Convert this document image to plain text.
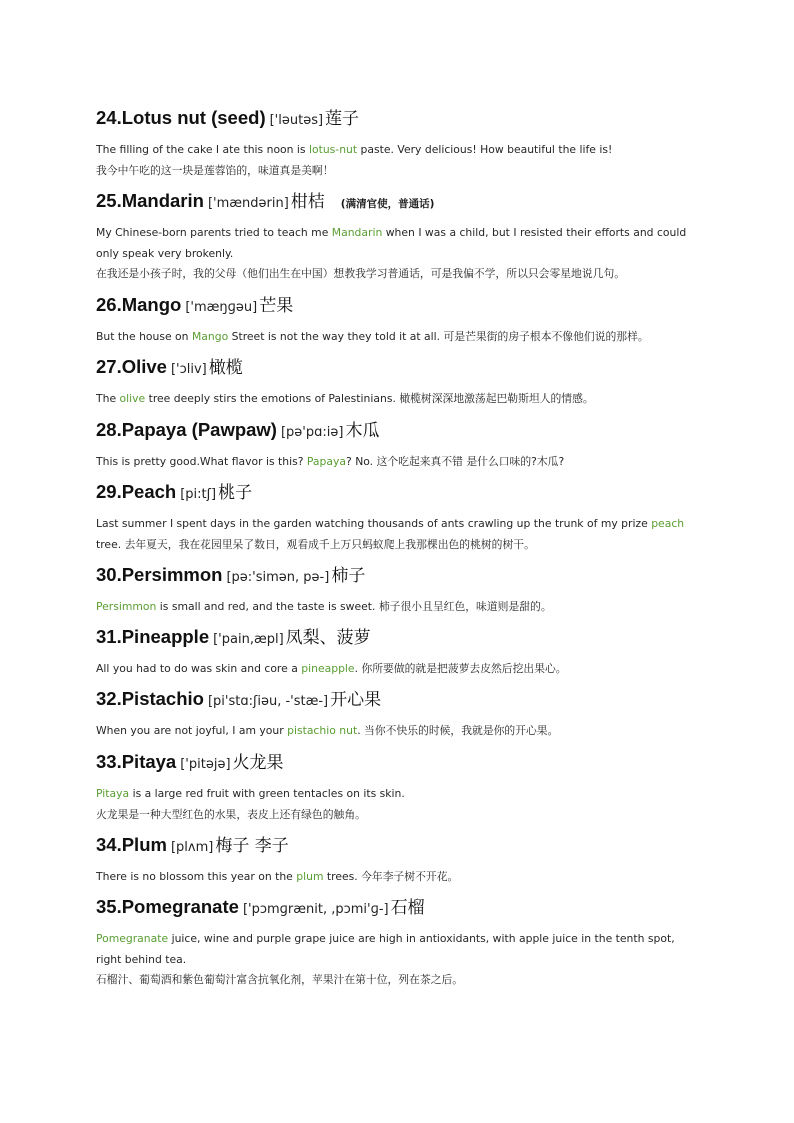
24.Lotus nut (seed) ['ləutəs] 莲子
The filling of the cake I ate this noon is lotus-nut paste. Very delicious! How beautiful the life is!
我今中午吃的这一块是莲蓉馅的，味道真是美啊！
25.Mandarin ['mændərin] 柑桔 (满清官使，普通话)
My Chinese-born parents tried to teach me Mandarin when I was a child, but I resisted their efforts and could
only speak very brokenly.
在我还是小孩子时，我的父母（他们出生在中国）想教我学习普通话，可是我偏不学，所以只会零星地说几句。
26.Mango ['mæŋɡəu] 芒果
But the house on Mango Street is not the way they told it at all. 可是芒果街的房子根本不像他们说的那样。
27.Olive ['ɔliv] 橄榄
The olive tree deeply stirs the emotions of Palestinians. 橄榄树深深地激荡起巴勒斯坦人的情感。
28.Papaya (Pawpaw) [pə'pɑ:iə] 木瓜
This is pretty good.What flavor is this? Papaya? No. 这个吃起来真不错 是什么口味的?木瓜?
29.Peach [pi:tʃ] 桃子
Last summer I spent days in the garden watching thousands of ants crawling up the trunk of my prize peach
tree. 去年夏天，我在花园里呆了数日，观看成千上万只蚂蚁爬上我那棵出色的桃树的树干。
30.Persimmon [pə:'simən, pə-] 柿子
Persimmon is small and red, and the taste is sweet. 柿子很小且呈红色，味道则是甜的。
31.Pineapple ['pain,æpl] 凤梨、菠萝
All you had to do was skin and core a pineapple. 你所要做的就是把菠萝去皮然后挖出果心。
32.Pistachio [pi'stɑ:ʃiəu, -'stæ-] 开心果
When you are not joyful, I am your pistachio nut. 当你不快乐的时候，我就是你的开心果。
33.Pitaya ['pitəjə] 火龙果
Pitaya is a large red fruit with green tentacles on its skin.
火龙果是一种大型红色的水果，表皮上还有绿色的触角。
34.Plum [plʌm] 梅子 李子
There is no blossom this year on the plum trees. 今年李子树不开花。
35.Pomegranate ['pɔmɡrænit, ,pɔmi'ɡ-] 石榴
Pomegranate juice, wine and purple grape juice are high in antioxidants, with apple juice in the tenth spot,
right behind tea.
石榴汁、葡萄酒和紫色葡萄汁富含抗氧化剂，苹果汁在第十位，列在茶之后。
